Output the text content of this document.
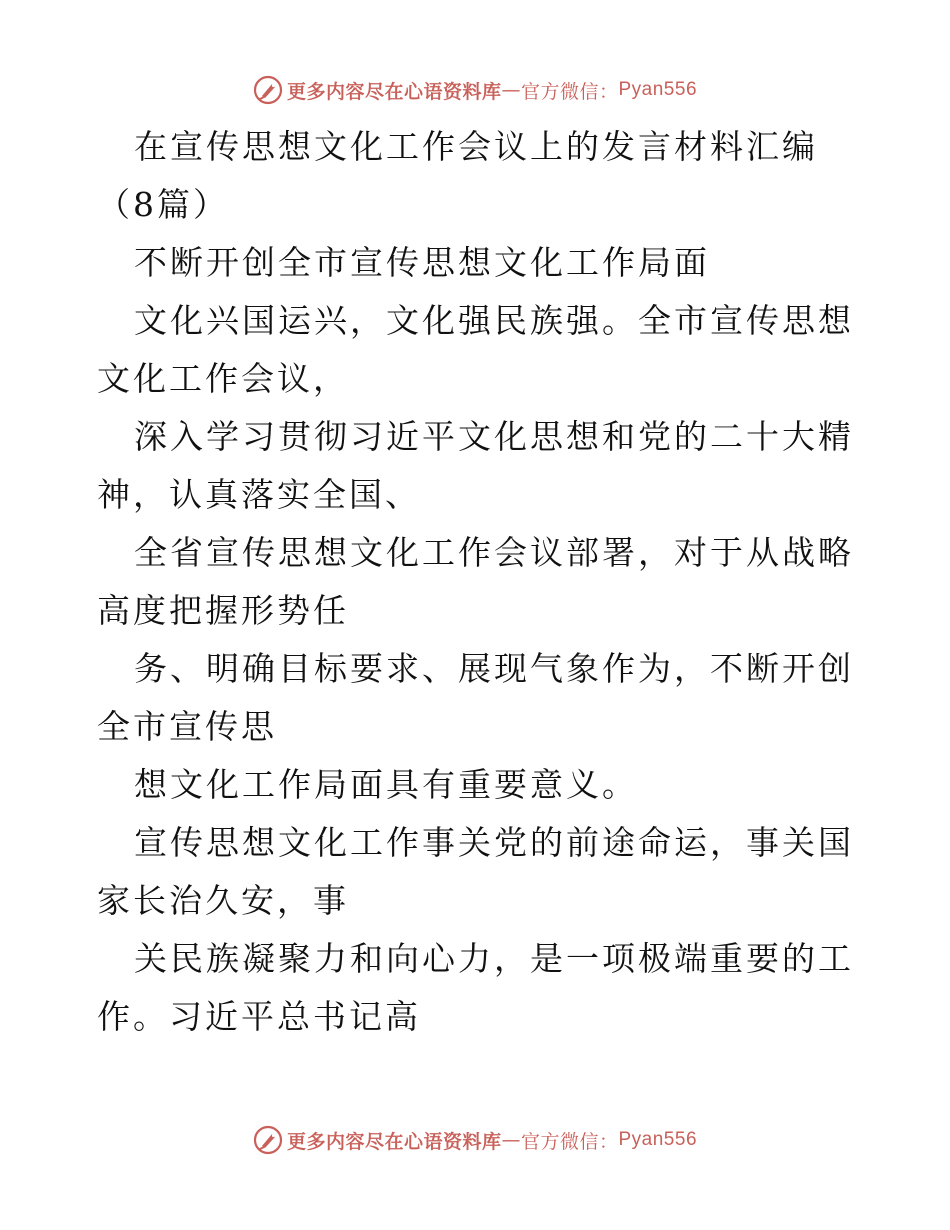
更多内容尽在心语资料库 — 官方微信： Pyan556

在宣传思想文化工作会议上的发言材料汇编（8篇）

不断开创全市宣传思想文化工作局面

文化兴国运兴，文化强民族强。全市宣传思想文化工作会议，

深入学习贯彻习近平文化思想和党的二十大精神，认真落实全国、

全省宣传思想文化工作会议部署，对于从战略高度把握形势任

务、明确目标要求、展现气象作为，不断开创全市宣传思

想文化工作局面具有重要意义。

宣传思想文化工作事关党的前途命运，事关国家长治久安，事

关民族凝聚力和向心力，是一项极端重要的工作。习近平总书记高

更多内容尽在心语资料库 — 官方微信： Pyan556
